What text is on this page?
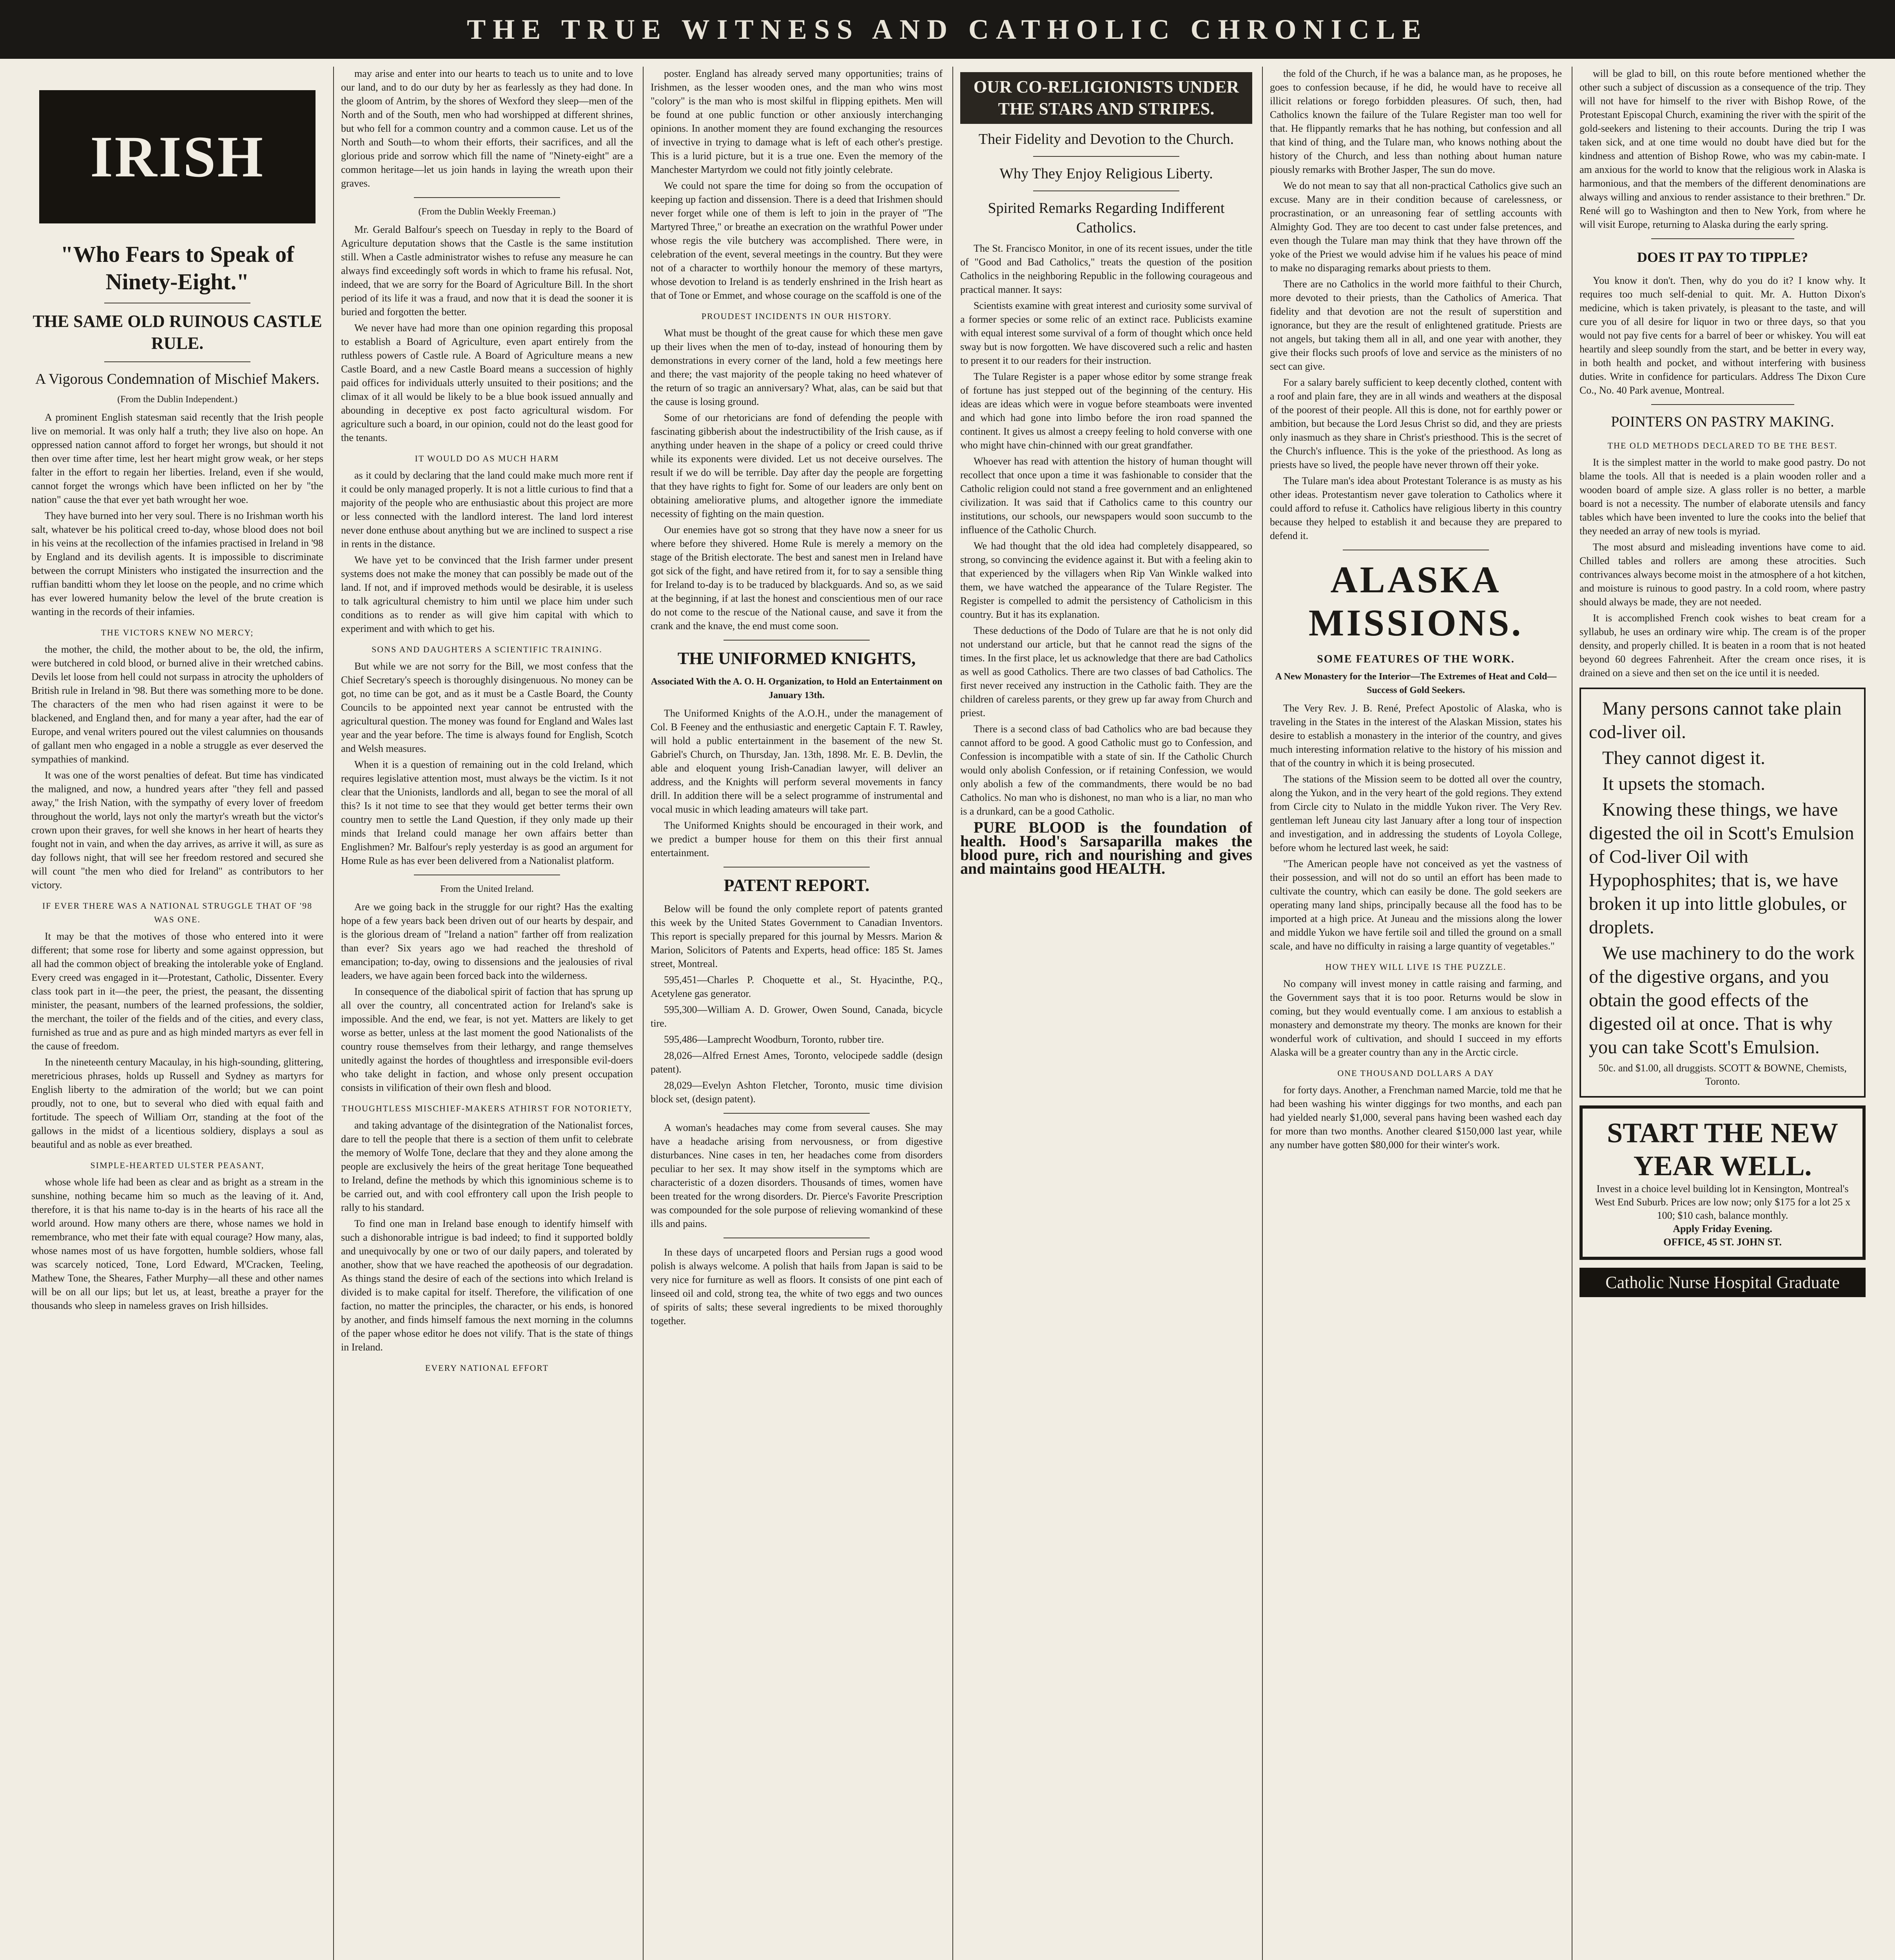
THE TRUE WITNESS AND CATHOLIC CHRONICLE
IRISH
"Who Fears to Speak of Ninety-Eight."
THE SAME OLD RUINOUS CASTLE RULE.
A Vigorous Condemnation of Mischief Makers.
(From the Dublin Independent.)

A prominent English statesman said recently that the Irish people live on memorial. It was only half a truth; they live also on hope. An oppressed nation cannot afford to forget her wrongs, but should it not then over time after time, lest her heart might grow weak, or her steps falter in the effort to regain her liberties. Ireland, even if she would, cannot forget the wrongs which have been inflicted on her by "the nation" cause the that ever yet bath wrought her woe.

They have burned into her very soul. There is no Irishman worth his salt, whatever be his political creed to-day, whose blood does not boil in his veins at the recollection of the infamies practised in Ireland in '98 by England and its devilish agents. It is impossible to discriminate between the corrupt Ministers who instigated the insurrection and the ruffian banditti whom they let loose on the people, and no crime which has ever lowered humanity below the level of the brute creation is wanting in the records of their infamies.

THE VICTORS KNEW NO MERCY;

the mother, the child, the mother about to be, the old, the infirm, were butchered in cold blood, or burned alive in their wretched cabins. Devils let loose from hell could not surpass in atrocity the upholders of British rule in Ireland in '98. But there was something more to be done. The characters of the men who had risen against it were to be blackened, and England then, and for many a year after, had the ear of Europe, and venal writers poured out the vilest calumnies on thousands of gallant men who engaged in a noble a struggle as ever deserved the sympathies of mankind.

It was one of the worst penalties of defeat. But time has vindicated the maligned, and now, a hundred years after "they fell and passed away," the Irish Nation, with the sympathy of every lover of freedom throughout the world, lays not only the martyr's wreath but the victor's crown upon their graves, for well she knows in her heart of hearts they fought not in vain, and when the day arrives, as arrive it will, as sure as day follows night, that will see her freedom restored and secured she will count "the men who died for Ireland" as contributors to her victory.

IF EVER THERE WAS A NATIONAL STRUGGLE THAT OF '98 WAS ONE.

It may be that the motives of those who entered into it were different; that some rose for liberty and some against oppression, but all had the common object of breaking the intolerable yoke of England. Every creed was engaged in it—Protestant, Catholic, Dissenter. Every class took part in it—the peer, the priest, the peasant, the dissenting minister, the peasant, numbers of the learned professions, the soldier, the merchant, the toiler of the fields and of the cities, and every class, furnished as true and as pure and as high minded martyrs as ever fell in the cause of freedom.

In the nineteenth century Macaulay, in his high-sounding, glittering, meretricious phrases, holds up Russell and Sydney as martyrs for English liberty to the admiration of the world; but we can point proudly, not to one, but to several who died with equal faith and fortitude. The speech of William Orr, standing at the foot of the gallows in the midst of a licentious soldiery, displays a soul as beautiful and as noble as ever breathed.

SIMPLE-HEARTED ULSTER PEASANT,

whose whole life had been as clear and as bright as a stream in the sunshine, nothing became him so much as the leaving of it. And, therefore, it is that his name to-day is in the hearts of his race all the world around. How many others are there, whose names we hold in remembrance, who met their fate with equal courage? How many, alas, whose names most of us have forgotten, humble soldiers, whose fall was scarcely noticed, Tone, Lord Edward, M'Cracken, Teeling, Mathew Tone, the Sheares, Father Murphy—all these and other names will be on all our lips; but let us, at least, breathe a prayer for the thousands who sleep in nameless graves on Irish hillsides.

may arise and enter into our hearts to teach us to unite and to love our land, and to do our duty by her as fearlessly as they had done. In the gloom of Antrim, by the shores of Wexford they sleep—men of the North and of the South, men who had worshipped at different shrines, but who fell for a common country and a common cause. Let us of the North and South—to whom their efforts, their sacrifices, and all the glorious pride and sorrow which fill the name of "Ninety-eight" are a common heritage—let us join hands in laying the wreath upon their graves.

(From the Dublin Weekly Freeman.)

Mr. Gerald Balfour's speech on Tuesday in reply to the Board of Agriculture deputation shows that the Castle is the same institution still. When a Castle administrator wishes to refuse any measure he can always find exceedingly soft words in which to frame his refusal. Not, indeed, that we are sorry for the Board of Agriculture Bill. In the short period of its life it was a fraud, and now that it is dead the sooner it is buried and forgotten the better.

We never have had more than one opinion regarding this proposal to establish a Board of Agriculture, even apart entirely from the ruthless powers of Castle rule. A Board of Agriculture means a new Castle Board, and a new Castle Board means a succession of highly paid offices for individuals utterly unsuited to their positions; and the climax of it all would be likely to be a blue book issued annually and abounding in deceptive ex post facto agricultural wisdom. For agriculture such a board, in our opinion, could not do the least good for the tenants.

IT WOULD DO AS MUCH HARM

as it could by declaring that the land could make much more rent if it could be only managed properly. It is not a little curious to find that a majority of the people who are enthusiastic about this project are more or less connected with the landlord interest. The land lord interest never done enthuse about anything but we are inclined to suspect a rise in rents in the distance.

We have yet to be convinced that the Irish farmer under present systems does not make the money that can possibly be made out of the land. If not, and if improved methods would be desirable, it is useless to talk agricultural chemistry to him until we place him under such conditions as to render as will give him capital with which to experiment and with which to get his.

SONS AND DAUGHTERS A SCIENTIFIC TRAINING.

But while we are not sorry for the Bill, we most confess that the Chief Secretary's speech is thoroughly disingenuous. No money can be got, no time can be got, and as it must be a Castle Board, the County Councils to be appointed next year cannot be entrusted with the agricultural question. The money was found for England and Wales last year and the year before. The time is always found for English, Scotch and Welsh measures.

When it is a question of remaining out in the cold Ireland, which requires legislative attention most, must always be the victim. Is it not clear that the Unionists, landlords and all, began to see the moral of all this? Is it not time to see that they would get better terms their own country men to settle the Land Question, if they only made up their minds that Ireland could manage her own affairs better than Englishmen? Mr. Balfour's reply yesterday is as good an argument for Home Rule as has ever been delivered from a Nationalist platform.

From the United Ireland.

Are we going back in the struggle for our right? Has the exalting hope of a few years back been driven out of our hearts by despair, and is the glorious dream of "Ireland a nation" farther off from realization than ever? Six years ago we had reached the threshold of emancipation; to-day, owing to dissensions and the jealousies of rival leaders, we have again been forced back into the wilderness.

In consequence of the diabolical spirit of faction that has sprung up all over the country, all concentrated action for Ireland's sake is impossible. And the end, we fear, is not yet. Matters are likely to get worse as better, unless at the last moment the good Nationalists of the country rouse themselves from their lethargy, and range themselves unitedly against the hordes of thoughtless and irresponsible evil-doers who take delight in faction, and whose only present occupation consists in vilification of their own flesh and blood.

THOUGHTLESS MISCHIEF-MAKERS ATHIRST FOR NOTORIETY,

and taking advantage of the disintegration of the Nationalist forces, dare to tell the people that there is a section of them unfit to celebrate the memory of Wolfe Tone, declare that they and they alone among the people are exclusively the heirs of the great heritage Tone bequeathed to Ireland, define the methods by which this ignominious scheme is to be carried out, and with cool effrontery call upon the Irish people to rally to his standard.

To find one man in Ireland base enough to identify himself with such a dishonorable intrigue is bad indeed; to find it supported boldly and unequivocally by one or two of our daily papers, and tolerated by another, show that we have reached the apotheosis of our degradation. As things stand the desire of each of the sections into which Ireland is divided is to make capital for itself. Therefore, the vilification of one faction, no matter the principles, the character, or his ends, is honored by another, and finds himself famous the next morning in the columns of the paper whose editor he does not vilify. That is the state of things in Ireland.

EVERY NATIONAL EFFORT

poster. England has already served many opportunities; trains of Irishmen, as the lesser wooden ones, and the man who wins most "colory" is the man who is most skilful in flipping epithets. Men will be found at one public function or other anxiously interchanging opinions. In another moment they are found exchanging the resources of invective in trying to damage what is left of each other's prestige. This is a lurid picture, but it is a true one. Even the memory of the Manchester Martyrdom we could not fitly jointly celebrate.

We could not spare the time for doing so from the occupation of keeping up faction and dissension. There is a deed that Irishmen should never forget while one of them is left to join in the prayer of "The Martyred Three," or breathe an execration on the wrathful Power under whose regis the vile butchery was accomplished. There were, in celebration of the event, several meetings in the country. But they were not of a character to worthily honour the memory of these martyrs, whose devotion to Ireland is as tenderly enshrined in the Irish heart as that of Tone or Emmet, and whose courage on the scaffold is one of the

PROUDEST INCIDENTS IN OUR HISTORY.

What must be thought of the great cause for which these men gave up their lives when the men of to-day, instead of honouring them by demonstrations in every corner of the land, hold a few meetings here and there; the vast majority of the people taking no heed whatever of the return of so tragic an anniversary? What, alas, can be said but that the cause is losing ground.

Some of our rhetoricians are fond of defending the people with fascinating gibberish about the indestructibility of the Irish cause, as if anything under heaven in the shape of a policy or creed could thrive while its exponents were divided. Let us not deceive ourselves. The result if we do will be terrible. Day after day the people are forgetting that they have rights to fight for. Some of our leaders are only bent on obtaining ameliorative plums, and altogether ignore the immediate necessity of fighting on the main question.

Our enemies have got so strong that they have now a sneer for us where before they shivered. Home Rule is merely a memory on the stage of the British electorate. The best and sanest men in Ireland have got sick of the fight, and have retired from it, for to say a sensible thing for Ireland to-day is to be traduced by blackguards. And so, as we said at the beginning, if at last the honest and conscientious men of our race do not come to the rescue of the National cause, and save it from the crank and the knave, the end must come soon.

THE UNIFORMED KNIGHTS,
Associated With the A. O. H. Organization, to Hold an Entertainment on January 13th.

The Uniformed Knights of the A.O.H., under the management of Col. B Feeney and the enthusiastic and energetic Captain F. T. Rawley, will hold a public entertainment in the basement of the new St. Gabriel's Church, on Thursday, Jan. 13th, 1898. Mr. E. B. Devlin, the able and eloquent young Irish-Canadian lawyer, will deliver an address, and the Knights will perform several movements in fancy drill. In addition there will be a select programme of instrumental and vocal music in which leading amateurs will take part.

The Uniformed Knights should be encouraged in their work, and we predict a bumper house for them on this their first annual entertainment.

PATENT REPORT.

Below will be found the only complete report of patents granted this week by the United States Government to Canadian Inventors. This report is specially prepared for this journal by Messrs. Marion & Marion, Solicitors of Patents and Experts, head office: 185 St. James street, Montreal.

595,451—Charles P. Choquette et al., St. Hyacinthe, P.Q., Acetylene gas generator.

595,300—William A. D. Grower, Owen Sound, Canada, bicycle tire.

595,486—Lamprecht Woodburn, Toronto, rubber tire.

28,026—Alfred Ernest Ames, Toronto, velocipede saddle (design patent).

28,029—Evelyn Ashton Fletcher, Toronto, music time division block set, (design patent).

A woman's headaches may come from several causes. She may have a headache arising from nervousness, or from digestive disturbances. Nine cases in ten, her headaches come from disorders peculiar to her sex. It may show itself in the symptoms which are characteristic of a dozen disorders. Thousands of times, women have been treated for the wrong disorders. Dr. Pierce's Favorite Prescription was compounded for the sole purpose of relieving womankind of these ills and pains.

In these days of uncarpeted floors and Persian rugs a good wood polish is always welcome. A polish that hails from Japan is said to be very nice for furniture as well as floors. It consists of one pint each of linseed oil and cold, strong tea, the white of two eggs and two ounces of spirits of salts; these several ingredients to be mixed thoroughly together.

OUR CO-RELIGIONISTS UNDER THE STARS AND STRIPES.
Their Fidelity and Devotion to the Church.
Why They Enjoy Religious Liberty.
Spirited Remarks Regarding Indifferent Catholics.

The St. Francisco Monitor, in one of its recent issues, under the title of "Good and Bad Catholics," treats the question of the position Catholics in the neighboring Republic in the following courageous and practical manner. It says:

Scientists examine with great interest and curiosity some survival of a former species or some relic of an extinct race. Publicists examine with equal interest some survival of a form of thought which once held sway but is now forgotten. We have discovered such a relic and hasten to present it to our readers for their instruction.

The Tulare Register is a paper whose editor by some strange freak of fortune has just stepped out of the beginning of the century. His ideas are ideas which were in vogue before steamboats were invented and which had gone into limbo before the iron road spanned the continent. It gives us almost a creepy feeling to hold converse with one who might have chin-chinned with our great grandfather.

Whoever has read with attention the history of human thought will recollect that once upon a time it was fashionable to consider that the Catholic religion could not stand a free government and an enlightened civilization. It was said that if Catholics came to this country our institutions, our schools, our newspapers would soon succumb to the influence of the Catholic Church.

We had thought that the old idea had completely disappeared, so strong, so convincing the evidence against it. But with a feeling akin to that experienced by the villagers when Rip Van Winkle walked into them, we have watched the appearance of the Tulare Register. The Register is compelled to admit the persistency of Catholicism in this country. But it has its explanation.

These deductions of the Dodo of Tulare are that he is not only did not understand our article, but that he cannot read the signs of the times. In the first place, let us acknowledge that there are bad Catholics as well as good Catholics. There are two classes of bad Catholics. The first never received any instruction in the Catholic faith. They are the children of careless parents, or they grew up far away from Church and priest.

There is a second class of bad Catholics who are bad because they cannot afford to be good. A good Catholic must go to Confession, and Confession is incompatible with a state of sin. If the Catholic Church would only abolish Confession, or if retaining Confession, we would only abolish a few of the commandments, there would be no bad Catholics. No man who is dishonest, no man who is a liar, no man who is a drunkard, can be a good Catholic.

PURE BLOOD is the foundation of health. Hood's Sarsaparilla makes the blood pure, rich and nourishing and gives and maintains good HEALTH.

the fold of the Church, if he was a balance man, as he proposes, he goes to confession because, if he did, he would have to receive all illicit relations or forego forbidden pleasures. Of such, then, had Catholics known the failure of the Tulare Register man too well for that. He flippantly remarks that he has nothing, but confession and all that kind of thing, and the Tulare man, who knows nothing about the history of the Church, and less than nothing about human nature piously remarks with Brother Jasper, The sun do move.

We do not mean to say that all non-practical Catholics give such an excuse. Many are in their condition because of carelessness, or procrastination, or an unreasoning fear of settling accounts with Almighty God. They are too decent to cast under false pretences, and even though the Tulare man may think that they have thrown off the yoke of the Priest we would advise him if he values his peace of mind to make no disparaging remarks about priests to them.

There are no Catholics in the world more faithful to their Church, more devoted to their priests, than the Catholics of America. That fidelity and that devotion are not the result of superstition and ignorance, but they are the result of enlightened gratitude. Priests are not angels, but taking them all in all, and one year with another, they give their flocks such proofs of love and service as the ministers of no sect can give.

For a salary barely sufficient to keep decently clothed, content with a roof and plain fare, they are in all winds and weathers at the disposal of the poorest of their people. All this is done, not for earthly power or ambition, but because the Lord Jesus Christ so did, and they are priests only inasmuch as they share in Christ's priesthood. This is the secret of the Church's influence. This is the yoke of the priesthood. As long as priests have so lived, the people have never thrown off their yoke.

The Tulare man's idea about Protestant Tolerance is as musty as his other ideas. Protestantism never gave toleration to Catholics where it could afford to refuse it. Catholics have religious liberty in this country because they helped to establish it and because they are prepared to defend it.

ALASKA MISSIONS.
SOME FEATURES OF THE WORK.
A New Monastery for the Interior—The Extremes of Heat and Cold—Success of Gold Seekers.

The Very Rev. J. B. René, Prefect Apostolic of Alaska, who is traveling in the States in the interest of the Alaskan Mission, states his desire to establish a monastery in the interior of the country, and gives much interesting information relative to the history of his mission and that of the country in which it is being prosecuted.

The stations of the Mission seem to be dotted all over the country, along the Yukon, and in the very heart of the gold regions. They extend from Circle city to Nulato in the middle Yukon river. The Very Rev. gentleman left Juneau city last January after a long tour of inspection and investigation, and in addressing the students of Loyola College, before whom he lectured last week, he said:

"The American people have not conceived as yet the vastness of their possession, and will not do so until an effort has been made to cultivate the country, which can easily be done. The gold seekers are operating many land ships, principally because all the food has to be imported at a high price. At Juneau and the missions along the lower and middle Yukon we have fertile soil and tilled the ground on a small scale, and have no difficulty in raising a large quantity of vegetables."

HOW THEY WILL LIVE IS THE PUZZLE.

No company will invest money in cattle raising and farming, and the Government says that it is too poor. Returns would be slow in coming, but they would eventually come. I am anxious to establish a monastery and demonstrate my theory. The monks are known for their wonderful work of cultivation, and should I succeed in my efforts Alaska will be a greater country than any in the Arctic circle.

ONE THOUSAND DOLLARS A DAY

for forty days. Another, a Frenchman named Marcie, told me that he had been washing his winter diggings for two months, and each pan had yielded nearly $1,000, several pans having been washed each day for more than two months. Another cleared $150,000 last year, while any number have gotten $80,000 for their winter's work.

will be glad to bill, on this route before mentioned whether the other such a subject of discussion as a consequence of the trip. They will not have for himself to the river with Bishop Rowe, of the Protestant Episcopal Church, examining the river with the spirit of the gold-seekers and listening to their accounts. During the trip I was taken sick, and at one time would no doubt have died but for the kindness and attention of Bishop Rowe, who was my cabin-mate. I am anxious for the world to know that the religious work in Alaska is harmonious, and that the members of the different denominations are always willing and anxious to render assistance to their brethren." Dr. René will go to Washington and then to New York, from where he will visit Europe, returning to Alaska during the early spring.

DOES IT PAY TO TIPPLE?

You know it don't. Then, why do you do it? I know why. It requires too much self-denial to quit. Mr. A. Hutton Dixon's medicine, which is taken privately, is pleasant to the taste, and will cure you of all desire for liquor in two or three days, so that you would not pay five cents for a barrel of beer or whiskey. You will eat heartily and sleep soundly from the start, and be better in every way, in both health and pocket, and without interfering with business duties. Write in confidence for particulars. Address The Dixon Cure Co., No. 40 Park avenue, Montreal.

POINTERS ON PASTRY MAKING.
THE OLD METHODS DECLARED TO BE THE BEST.

It is the simplest matter in the world to make good pastry. Do not blame the tools. All that is needed is a plain wooden roller and a wooden board of ample size. A glass roller is no better, a marble board is not a necessity. The number of elaborate utensils and fancy tables which have been invented to lure the cooks into the belief that they needed an array of new tools is myriad.

The most absurd and misleading inventions have come to aid. Chilled tables and rollers are among these atrocities. Such contrivances always become moist in the atmosphere of a hot kitchen, and moisture is ruinous to good pastry. In a cold room, where pastry should always be made, they are not needed.

It is accomplished French cook wishes to beat cream for a syllabub, he uses an ordinary wire whip. The cream is of the proper density, and properly chilled. It is beaten in a room that is not heated beyond 60 degrees Fahrenheit. After the cream once rises, it is drained on a sieve and then set on the ice until it is needed.

Many persons cannot take plain cod-liver oil.

They cannot digest it.

It upsets the stomach.

Knowing these things, we have digested the oil in Scott's Emulsion of Cod-liver Oil with Hypophosphites; that is, we have broken it up into little globules, or droplets.

We use machinery to do the work of the digestive organs, and you obtain the good effects of the digested oil at once. That is why you can take Scott's Emulsion.

50c. and $1.00, all druggists. SCOTT & BOWNE, Chemists, Toronto.
START THE NEW YEAR WELL.
Invest in a choice level building lot in Kensington, Montreal's West End Suburb. Prices are low now; only $175 for a lot 25 x 100; $10 cash, balance monthly.
Apply Friday Evening.
OFFICE, 45 ST. JOHN ST.
Catholic Nurse Hospital Graduate
